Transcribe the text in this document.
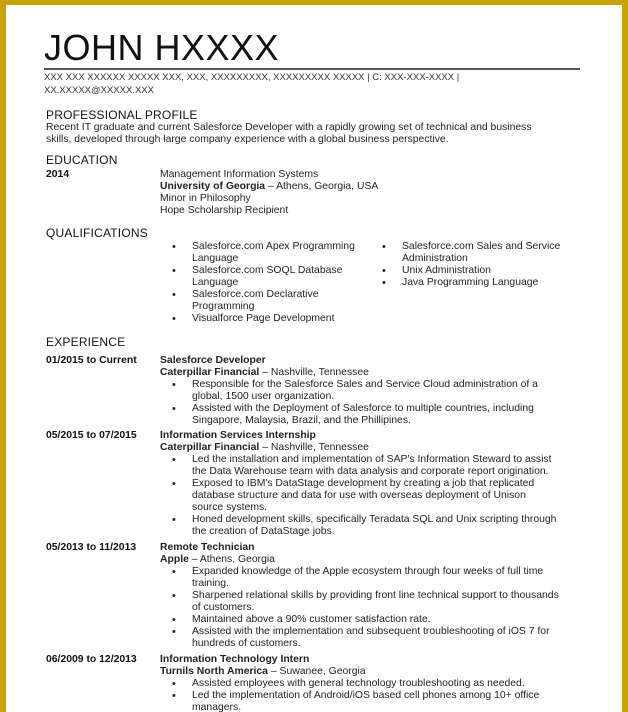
JOHN HXXXX
XXX XXX XXXXXX XXXXX XXX, XXX, XXXXXXXXX, XXXXXXXXX XXXXX | C: XXX-XXX-XXXX |
XX.XXXXX@XXXXX.XXX
PROFESSIONAL PROFILE
Recent IT graduate and current Salesforce Developer with a rapidly growing set of technical and business
skills, developed through large company experience with a global business perspective.
EDUCATION
2014	Management Information Systems
University of Georgia – Athens, Georgia, USA
Minor in Philosophy
Hope Scholarship Recipient
QUALIFICATIONS
• Salesforce.com Apex Programming
Language
• Salesforce.com SOQL Database
Language
• Salesforce.com Declarative
Programming
• Visualforce Page Development
• Salesforce.com Sales and Service
Administration
• Unix Administration
• Java Programming Language
EXPERIENCE
01/2015 to Current Salesforce Developer
Caterpillar Financial – Nashville, Tennessee
• Responsible for the Salesforce Sales and Service Cloud administration of a
global, 1500 user organization.
• Assisted with the Deployment of Salesforce to multiple countries, including
Singapore, Malaysia, Brazil, and the Phillipines.
05/2015 to 07/2015 Information Services Internship
Caterpillar Financial – Nashville, Tennessee
• Led the installation and implementation of SAP's Information Steward to assist
the Data Warehouse team with data analysis and corporate report origination.
• Exposed to IBM's DataStage development by creating a job that replicated
database structure and data for use with overseas deployment of Unison
source systems.
• Honed development skills, specifically Teradata SQL and Unix scripting through
the creation of DataStage jobs.
05/2013 to 11/2013 Remote Technician
Apple – Athens, Georgia
• Expanded knowledge of the Apple ecosystem through four weeks of full time
training.
• Sharpened relational skills by providing front line technical support to thousands
of customers.
• Maintained above a 90% customer satisfaction rate.
• Assisted with the implementation and subsequent troubleshooting of iOS 7 for
hundreds of customers.
06/2009 to 12/2013 Information Technology Intern
Turnils North America – Suwanee, Georgia
• Assisted employees with general technology troubleshooting as needed.
• Led the implementation of Android/iOS based cell phones among 10+ office
managers.
